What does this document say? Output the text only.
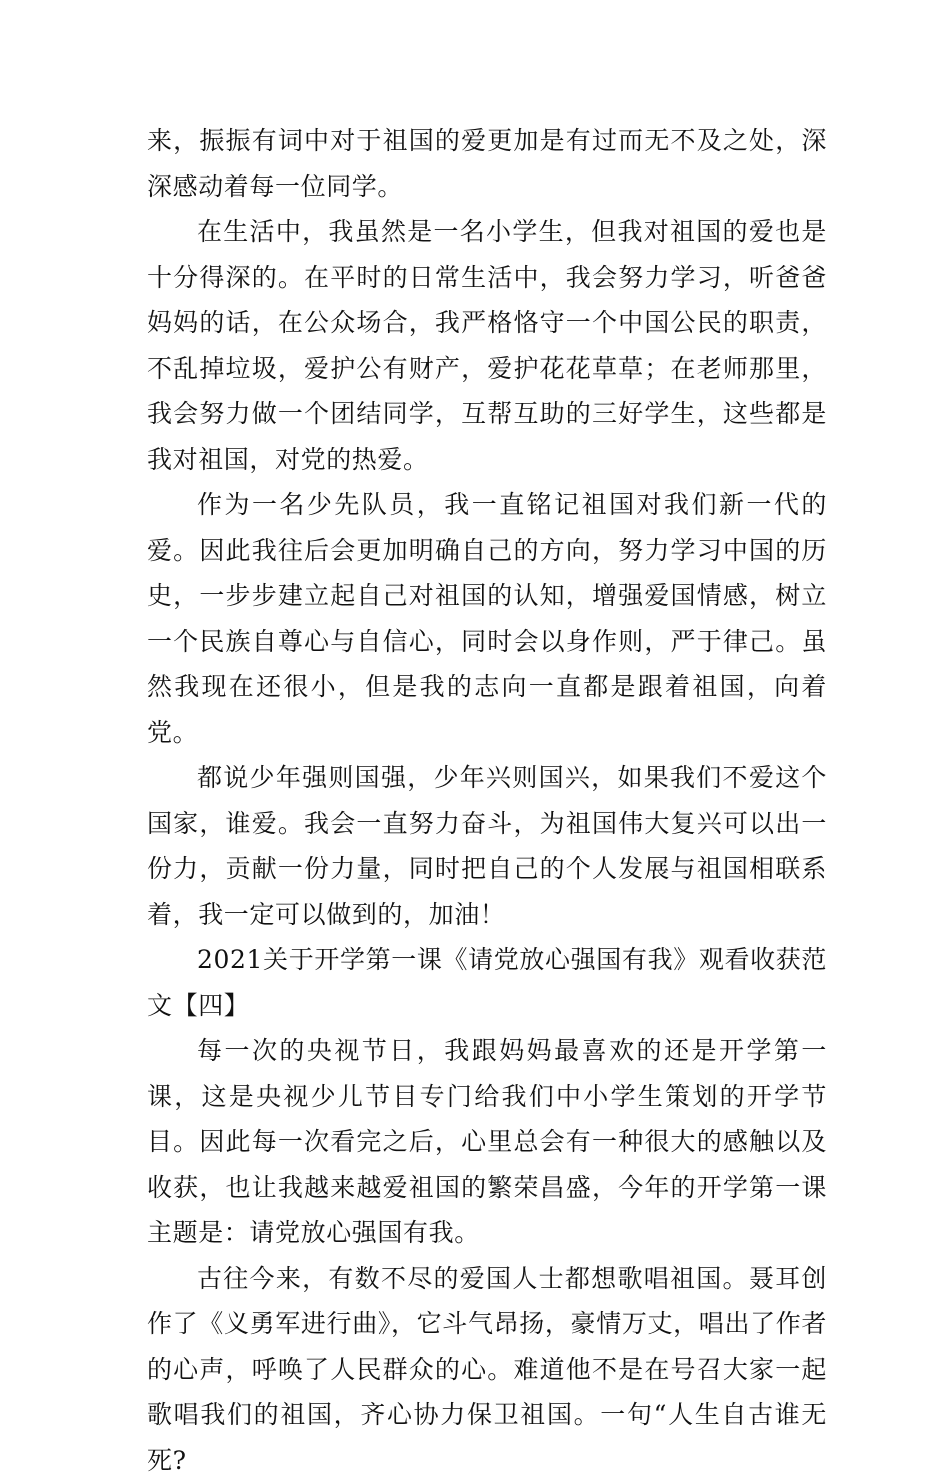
来，振振有词中对于祖国的爱更加是有过而无不及之处，深深感动着每一位同学。

在生活中，我虽然是一名小学生，但我对祖国的爱也是十分得深的。在平时的日常生活中，我会努力学习，听爸爸妈妈的话，在公众场合，我严格恪守一个中国公民的职责，不乱掉垃圾，爱护公有财产，爱护花花草草；在老师那里，我会努力做一个团结同学，互帮互助的三好学生，这些都是我对祖国，对党的热爱。

作为一名少先队员，我一直铭记祖国对我们新一代的爱。因此我往后会更加明确自己的方向，努力学习中国的历史，一步步建立起自己对祖国的认知，增强爱国情感，树立一个民族自尊心与自信心，同时会以身作则，严于律己。虽然我现在还很小，但是我的志向一直都是跟着祖国，向着党。

都说少年强则国强，少年兴则国兴，如果我们不爱这个国家，谁爱。我会一直努力奋斗，为祖国伟大复兴可以出一份力，贡献一份力量，同时把自己的个人发展与祖国相联系着，我一定可以做到的，加油！

2021关于开学第一课《请党放心强国有我》观看收获范文【四】

每一次的央视节日，我跟妈妈最喜欢的还是开学第一课，这是央视少儿节目专门给我们中小学生策划的开学节目。因此每一次看完之后，心里总会有一种很大的感触以及收获，也让我越来越爱祖国的繁荣昌盛，今年的开学第一课主题是：请党放心强国有我。

古往今来，有数不尽的爱国人士都想歌唱祖国。聂耳创作了《义勇军进行曲》，它斗气昂扬，豪情万丈，唱出了作者的心声，呼唤了人民群众的心。难道他不是在号召大家一起歌唱我们的祖国，齐心协力保卫祖国。一句“人生自古谁无死?
